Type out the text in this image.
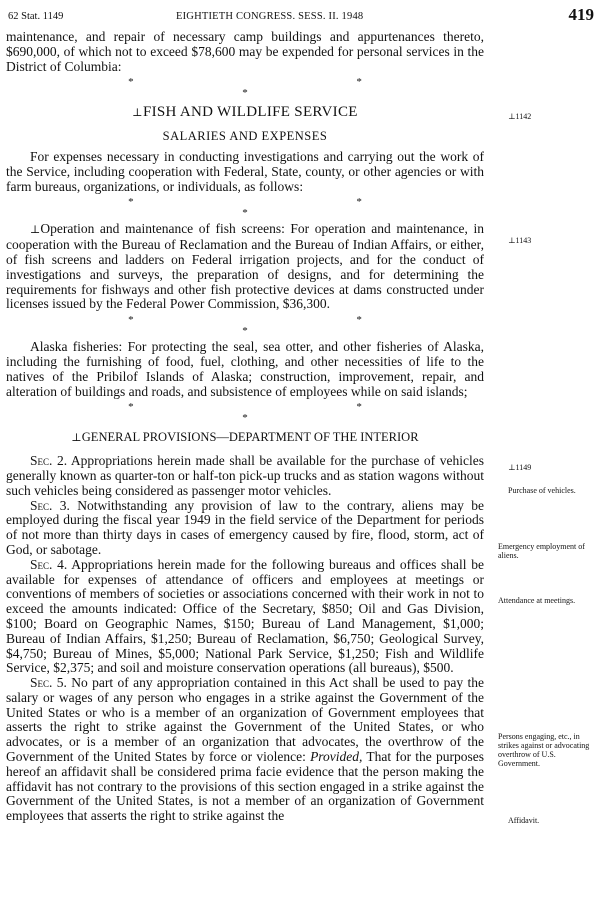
62 Stat. 1149	EIGHTIETH CONGRESS. SESS. II. 1948	419

maintenance, and repair of necessary camp buildings and appurtenances thereto, $690,000, of which not to exceed $78,600 may be expended for personal services in the District of Columbia:

* * *
⊥FISH AND WILDLIFE SERVICE
SALARIES AND EXPENSES

For expenses necessary in conducting investigations and carrying out the work of the Service, including cooperation with Federal, State, county, or other agencies or with farm bureaus, organizations, or individuals, as follows:

* * *

⊥Operation and maintenance of fish screens: For operation and maintenance, in cooperation with the Bureau of Reclamation and the Bureau of Indian Affairs, or either, of fish screens and ladders on Federal irrigation projects, and for the conduct of investigations and surveys, the preparation of designs, and for determining the requirements for fishways and other fish protective devices at dams constructed under licenses issued by the Federal Power Commission, $36,300.

* * *

Alaska fisheries: For protecting the seal, sea otter, and other fisheries of Alaska, including the furnishing of food, fuel, clothing, and other necessities of life to the natives of the Pribilof Islands of Alaska; construction, improvement, repair, and alteration of buildings and roads, and subsistence of employees while on said islands;

* * *
⊥GENERAL PROVISIONS—DEPARTMENT OF THE INTERIOR

Sec. 2. Appropriations herein made shall be available for the purchase of vehicles generally known as quarter-ton or half-ton pick-up trucks and as station wagons without such vehicles being considered as passenger motor vehicles.

Sec. 3. Notwithstanding any provision of law to the contrary, aliens may be employed during the fiscal year 1949 in the field service of the Department for periods of not more than thirty days in cases of emergency caused by fire, flood, storm, act of God, or sabotage.

Sec. 4. Appropriations herein made for the following bureaus and offices shall be available for expenses of attendance of officers and employees at meetings or conventions of members of societies or associations concerned with their work in not to exceed the amounts indicated: Office of the Secretary, $850; Oil and Gas Division, $100; Board on Geographic Names, $150; Bureau of Land Management, $1,000; Bureau of Indian Affairs, $1,250; Bureau of Reclamation, $6,750; Geological Survey, $4,750; Bureau of Mines, $5,000; National Park Service, $1,250; Fish and Wildlife Service, $2,375; and soil and moisture conservation operations (all bureaus), $500.

Sec. 5. No part of any appropriation contained in this Act shall be used to pay the salary or wages of any person who engages in a strike against the Government of the United States or who is a member of an organization of Government employees that asserts the right to strike against the Government of the United States, or who advocates, or is a member of an organization that advocates, the overthrow of the Government of the United States by force or violence: Provided, That for the purposes hereof an affidavit shall be considered prima facie evidence that the person making the affidavit has not contrary to the provisions of this section engaged in a strike against the Government of the United States, is not a member of an organization of Government employees that asserts the right to strike against the

⊥1142
⊥1143
⊥1149
Purchase of vehicles.
Emergency employment of aliens.
Attendance at meetings.
Persons engaging, etc., in strikes against or advocating overthrow of U.S. Government.
Affidavit.
